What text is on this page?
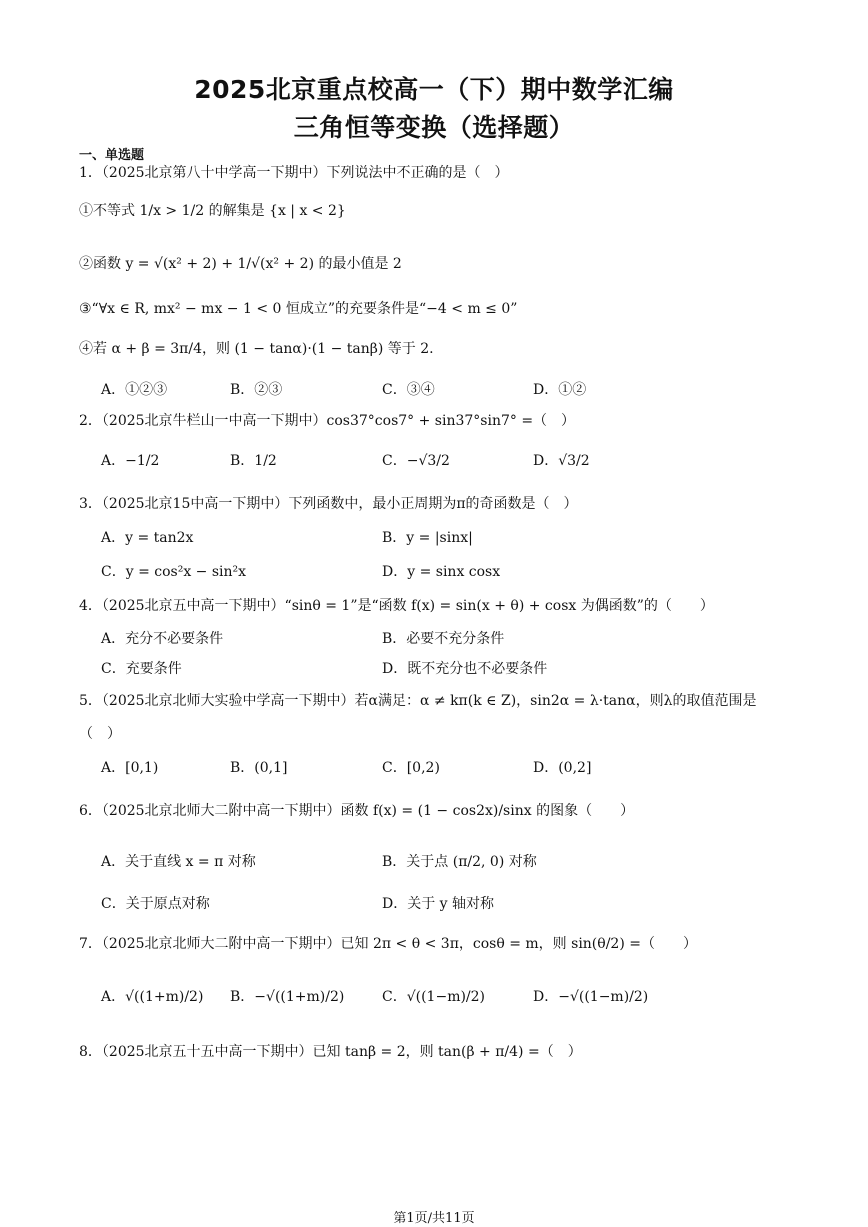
2025北京重点校高一（下）期中数学汇编
三角恒等变换（选择题）
一、单选题
1．（2025北京第八十中学高一下期中）下列说法中不正确的是（　）
①不等式 1/x > 1/2 的解集是 {x | x < 2}
②函数 y = √(x² + 2) + 1/√(x² + 2) 的最小值是 2
③“∀x ∈ R, mx² − mx − 1 < 0 恒成立”的充要条件是“−4 < m ≤ 0”
④若 α + β = 3π/4，则 (1 − tanα)·(1 − tanβ) 等于 2.
A．①②③	B．②③	C．③④	D．①②
2．（2025北京牛栏山一中高一下期中）cos37°cos7° + sin37°sin7° =（　）
A．−1/2	B．1/2	C．−√3/2	D．√3/2
3．（2025北京15中高一下期中）下列函数中，最小正周期为π的奇函数是（　）
A．y = tan2x	B．y = |sinx|
C．y = cos²x − sin²x	D．y = sinx cosx
4．（2025北京五中高一下期中）“sinθ = 1”是“函数 f(x) = sin(x + θ) + cosx 为偶函数”的（　　）
A．充分不必要条件	B．必要不充分条件
C．充要条件	D．既不充分也不必要条件
5．（2025北京北师大实验中学高一下期中）若α满足：α ≠ kπ(k ∈ Z)，sin2α = λ·tanα，则λ的取值范围是
（　）
A．[0,1)	B．(0,1]	C．[0,2)	D．(0,2]
6．（2025北京北师大二附中高一下期中）函数 f(x) = (1 − cos2x)/sinx 的图象（　　）
A．关于直线 x = π 对称	B．关于点 (π/2, 0) 对称
C．关于原点对称	D．关于 y 轴对称
7．（2025北京北师大二附中高一下期中）已知 2π < θ < 3π，cosθ = m，则 sin(θ/2) =（　　）
A．√((1+m)/2) B．−√((1+m)/2)	C．√((1−m)/2)	D．−√((1−m)/2)
8．（2025北京五十五中高一下期中）已知 tanβ = 2，则 tan(β + π/4) =（　）
第1页/共11页
